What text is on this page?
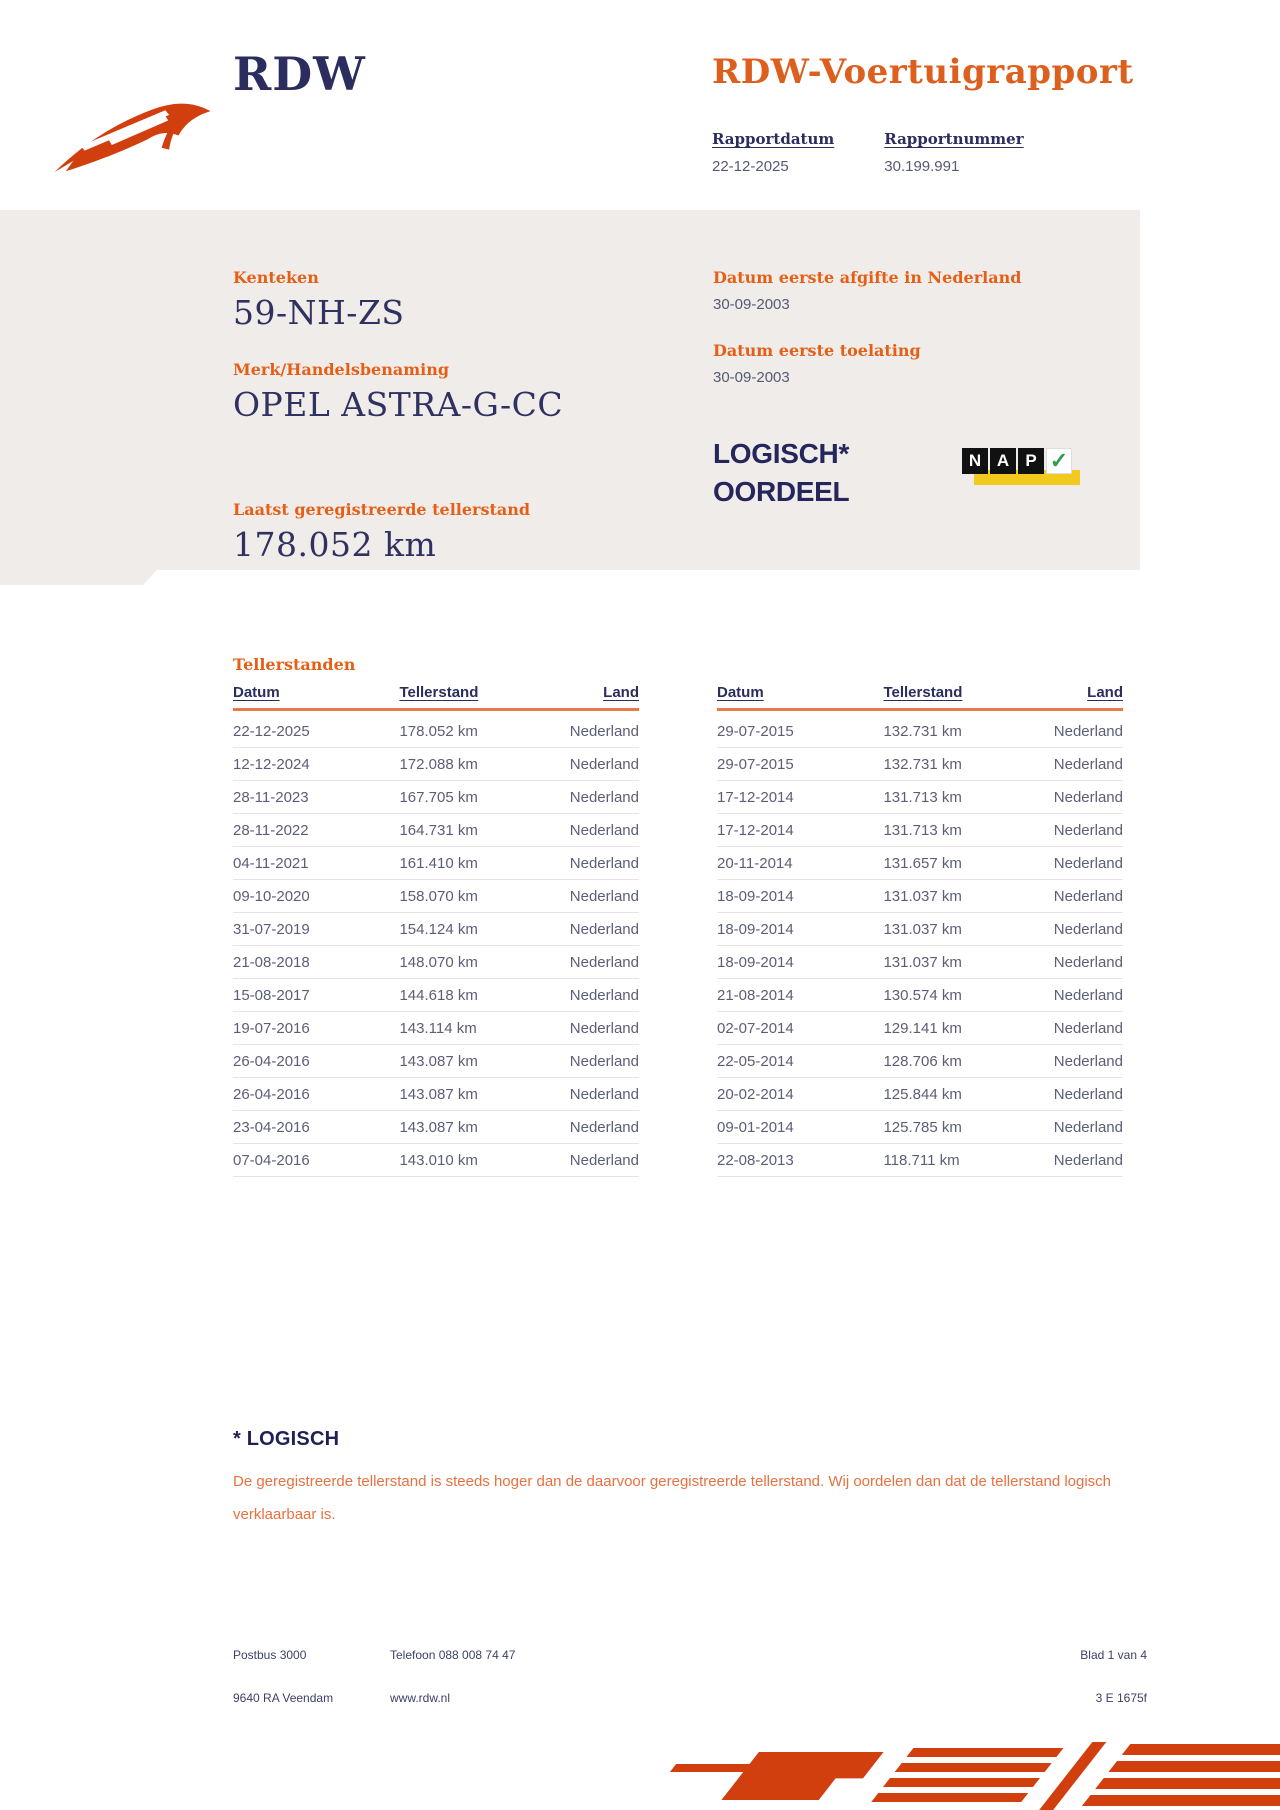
RDW	RDW-Voertuigrapport
Rapportdatum
22-12-2025
Rapportnummer
30.199.991
Kenteken
59-NH-ZS
Merk/Handelsbenaming
OPEL ASTRA-G-CC
Datum eerste afgifte in Nederland
30-09-2003
Datum eerste toelating
30-09-2003
LOGISCH*
OORDEEL
N A P ✓
Laatst geregistreerde tellerstand
178.052 km
Tellerstanden
Datum	Tellerstand	Land
22-12-2025	178.052 km	Nederland
12-12-2024	172.088 km	Nederland
28-11-2023	167.705 km	Nederland
28-11-2022	164.731 km	Nederland
04-11-2021	161.410 km	Nederland
09-10-2020	158.070 km	Nederland
31-07-2019	154.124 km	Nederland
21-08-2018	148.070 km	Nederland
15-08-2017	144.618 km	Nederland
19-07-2016	143.114 km	Nederland
26-04-2016	143.087 km	Nederland
26-04-2016	143.087 km	Nederland
23-04-2016	143.087 km	Nederland
07-04-2016	143.010 km	Nederland
Datum	Tellerstand	Land
29-07-2015	132.731 km	Nederland
29-07-2015	132.731 km	Nederland
17-12-2014	131.713 km	Nederland
17-12-2014	131.713 km	Nederland
20-11-2014	131.657 km	Nederland
18-09-2014	131.037 km	Nederland
18-09-2014	131.037 km	Nederland
18-09-2014	131.037 km	Nederland
21-08-2014	130.574 km	Nederland
02-07-2014	129.141 km	Nederland
22-05-2014	128.706 km	Nederland
20-02-2014	125.844 km	Nederland
09-01-2014	125.785 km	Nederland
22-08-2013	118.711 km	Nederland
* LOGISCH
De geregistreerde tellerstand is steeds hoger dan de daarvoor geregistreerde tellerstand. Wij oordelen dan dat de tellerstand logisch verklaarbaar is.
Postbus 3000
9640 RA Veendam
Telefoon 088 008 74 47
www.rdw.nl
Blad 1 van 4
3 E 1675f
